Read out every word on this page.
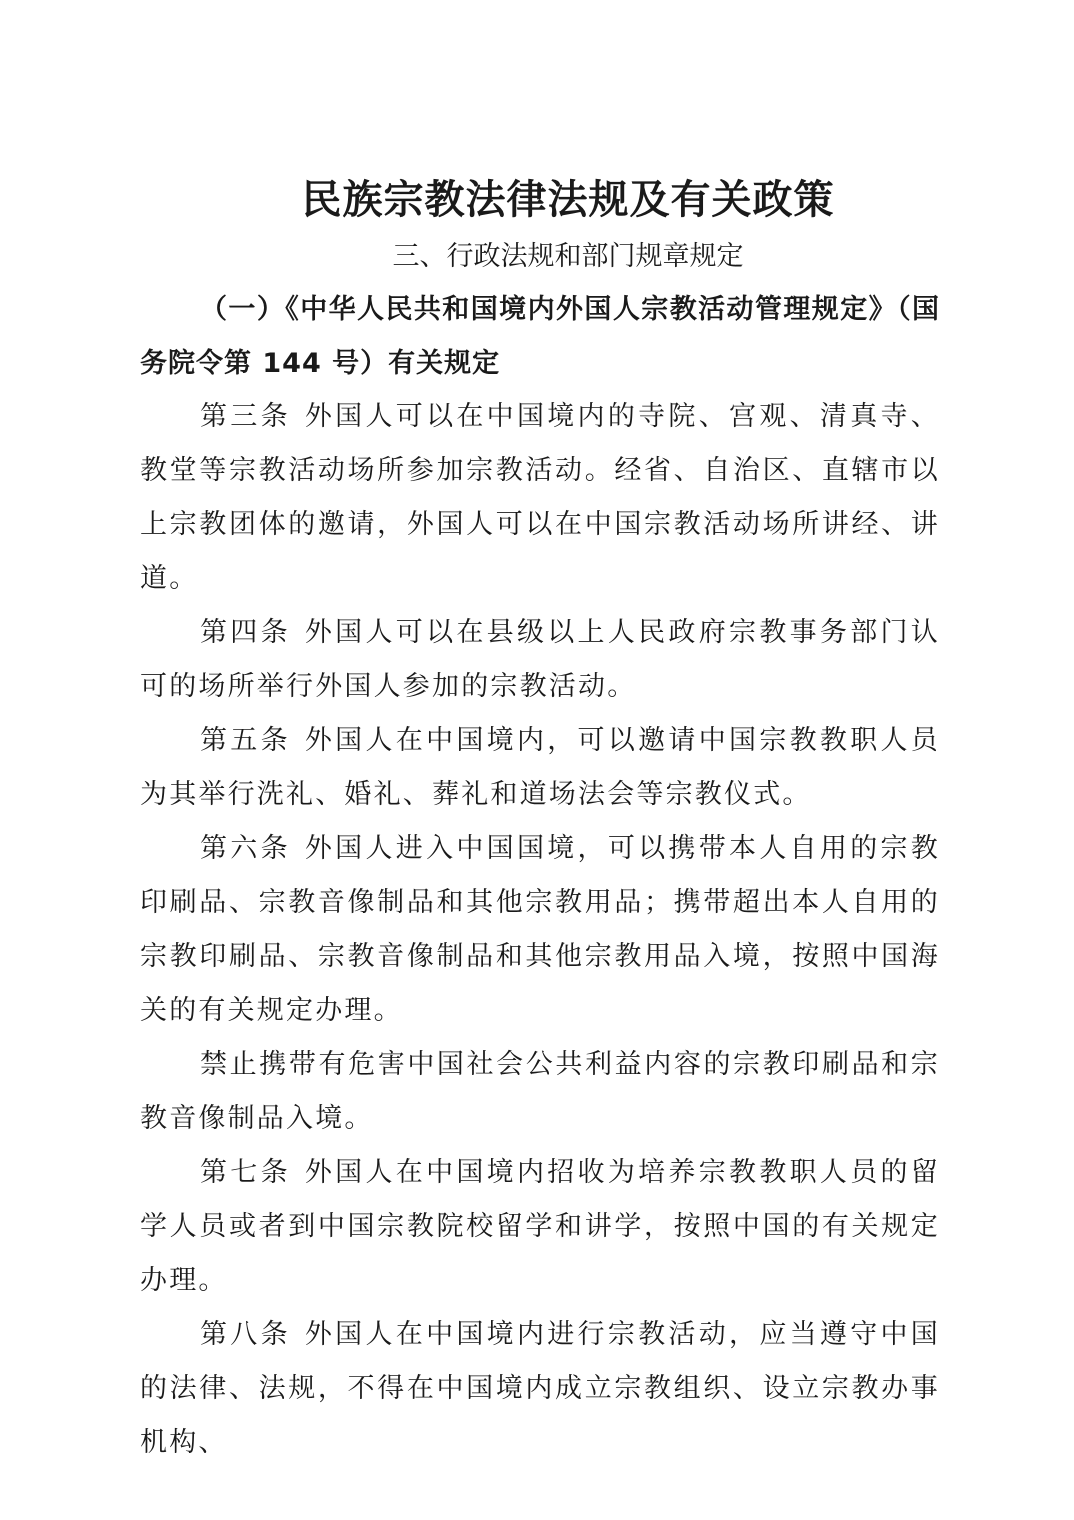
民族宗教法律法规及有关政策
三、行政法规和部门规章规定
（一）《中华人民共和国境内外国人宗教活动管理规定》（国务院令第 144 号）有关规定

第三条 外国人可以在中国境内的寺院、宫观、清真寺、教堂等宗教活动场所参加宗教活动。经省、自治区、直辖市以上宗教团体的邀请，外国人可以在中国宗教活动场所讲经、讲道。

第四条 外国人可以在县级以上人民政府宗教事务部门认可的场所举行外国人参加的宗教活动。

第五条 外国人在中国境内，可以邀请中国宗教教职人员为其举行洗礼、婚礼、葬礼和道场法会等宗教仪式。

第六条 外国人进入中国国境，可以携带本人自用的宗教印刷品、宗教音像制品和其他宗教用品；携带超出本人自用的宗教印刷品、宗教音像制品和其他宗教用品入境，按照中国海关的有关规定办理。

禁止携带有危害中国社会公共利益内容的宗教印刷品和宗教音像制品入境。

第七条 外国人在中国境内招收为培养宗教教职人员的留学人员或者到中国宗教院校留学和讲学，按照中国的有关规定办理。

第八条 外国人在中国境内进行宗教活动，应当遵守中国的法律、法规，不得在中国境内成立宗教组织、设立宗教办事机构、
